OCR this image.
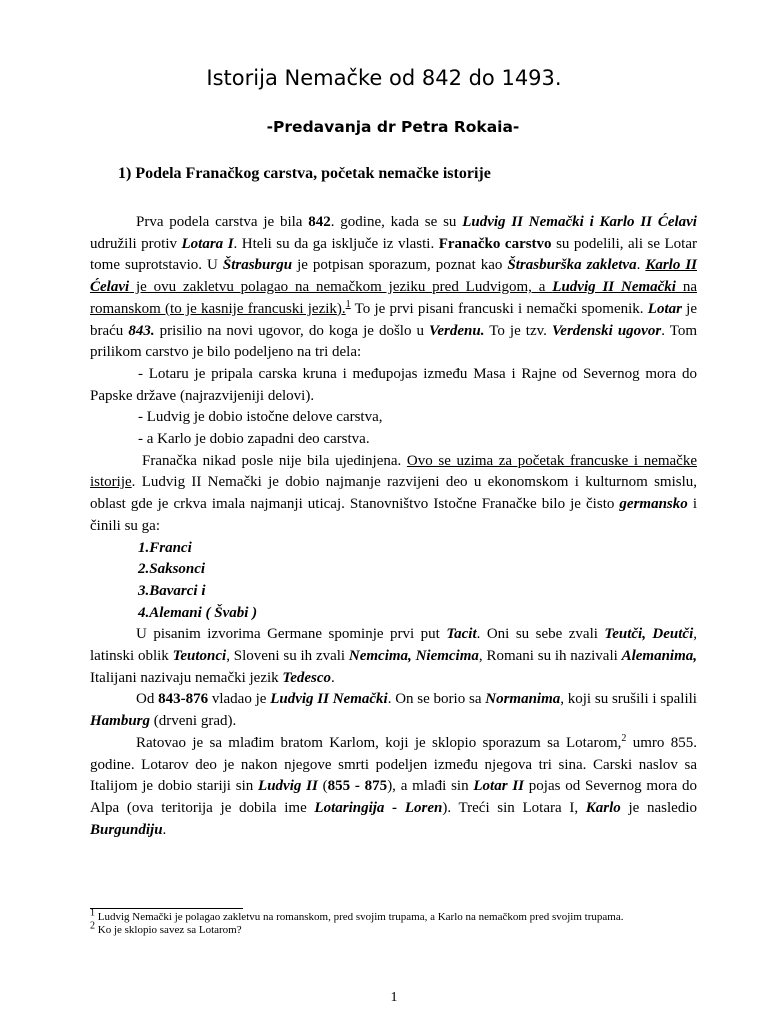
Istorija Nemačke od 842 do 1493.
-Predavanja dr Petra Rokaia-
1) Podela Franačkog carstva, početak nemačke istorije

Prva podela carstva je bila 842. godine, kada se su Ludvig II Nemački i Karlo II Ćelavi udružili protiv Lotara I. Hteli su da ga isključe iz vlasti. Franačko carstvo su podelili, ali se Lotar tome suprotstavio. U Štrasburgu je potpisan sporazum, poznat kao Štrasburška zakletva. Karlo II Ćelavi je ovu zakletvu polagao na nemačkom jeziku pred Ludvigom, a Ludvig II Nemački na romanskom (to je kasnije francuski jezik).$^1$ To je prvi pisani francuski i nemački spomenik. Lotar je braću 843. prisilio na novi ugovor, do koga je došlo u Verdenu. To je tzv. Verdenski ugovor. Tom prilikom carstvo je bilo podeljeno na tri dela:

- Lotaru je pripala carska kruna i međupojas između Masa i Rajne od Severnog mora do Papske države (najrazvijeniji delovi).

- Ludvig je dobio istočne delove carstva,

- a Karlo je dobio zapadni deo carstva.

Franačka nikad posle nije bila ujedinjena. Ovo se uzima za početak francuske i nemačke istorije. Ludvig II Nemački je dobio najmanje razvijeni deo u ekonomskom i kulturnom smislu, oblast gde je crkva imala najmanji uticaj. Stanovništvo Istočne Franačke bilo je čisto germansko i činili su ga:

1.Franci

2.Saksonci

3.Bavarci i

4.Alemani ( Švabi )

U pisanim izvorima Germane spominje prvi put Tacit. Oni su sebe zvali Teutči, Deutči, latinski oblik Teutonci, Sloveni su ih zvali Nemcima, Niemcima, Romani su ih nazivali Alemanima, Italijani nazivaju nemački jezik Tedesco.

Od 843-876 vladao je Ludvig II Nemački. On se borio sa Normanima, koji su srušili i spalili Hamburg (drveni grad).

Ratovao je sa mlađim bratom Karlom, koji je sklopio sporazum sa Lotarom,$^2$ umro 855. godine. Lotarov deo je nakon njegove smrti podeljen između njegova tri sina. Carski naslov sa Italijom je dobio stariji sin Ludvig II (855 - 875), a mlađi sin Lotar II pojas od Severnog mora do Alpa (ova teritorija je dobila ime Lotaringija - Loren). Treći sin Lotara I, Karlo je nasledio Burgundiju.

$^1$ Ludvig Nemački je polagao zakletvu na romanskom, pred svojim trupama, a Karlo na nemačkom pred svojim trupama.

$^2$ Ko je sklopio savez sa Lotarom?

1
